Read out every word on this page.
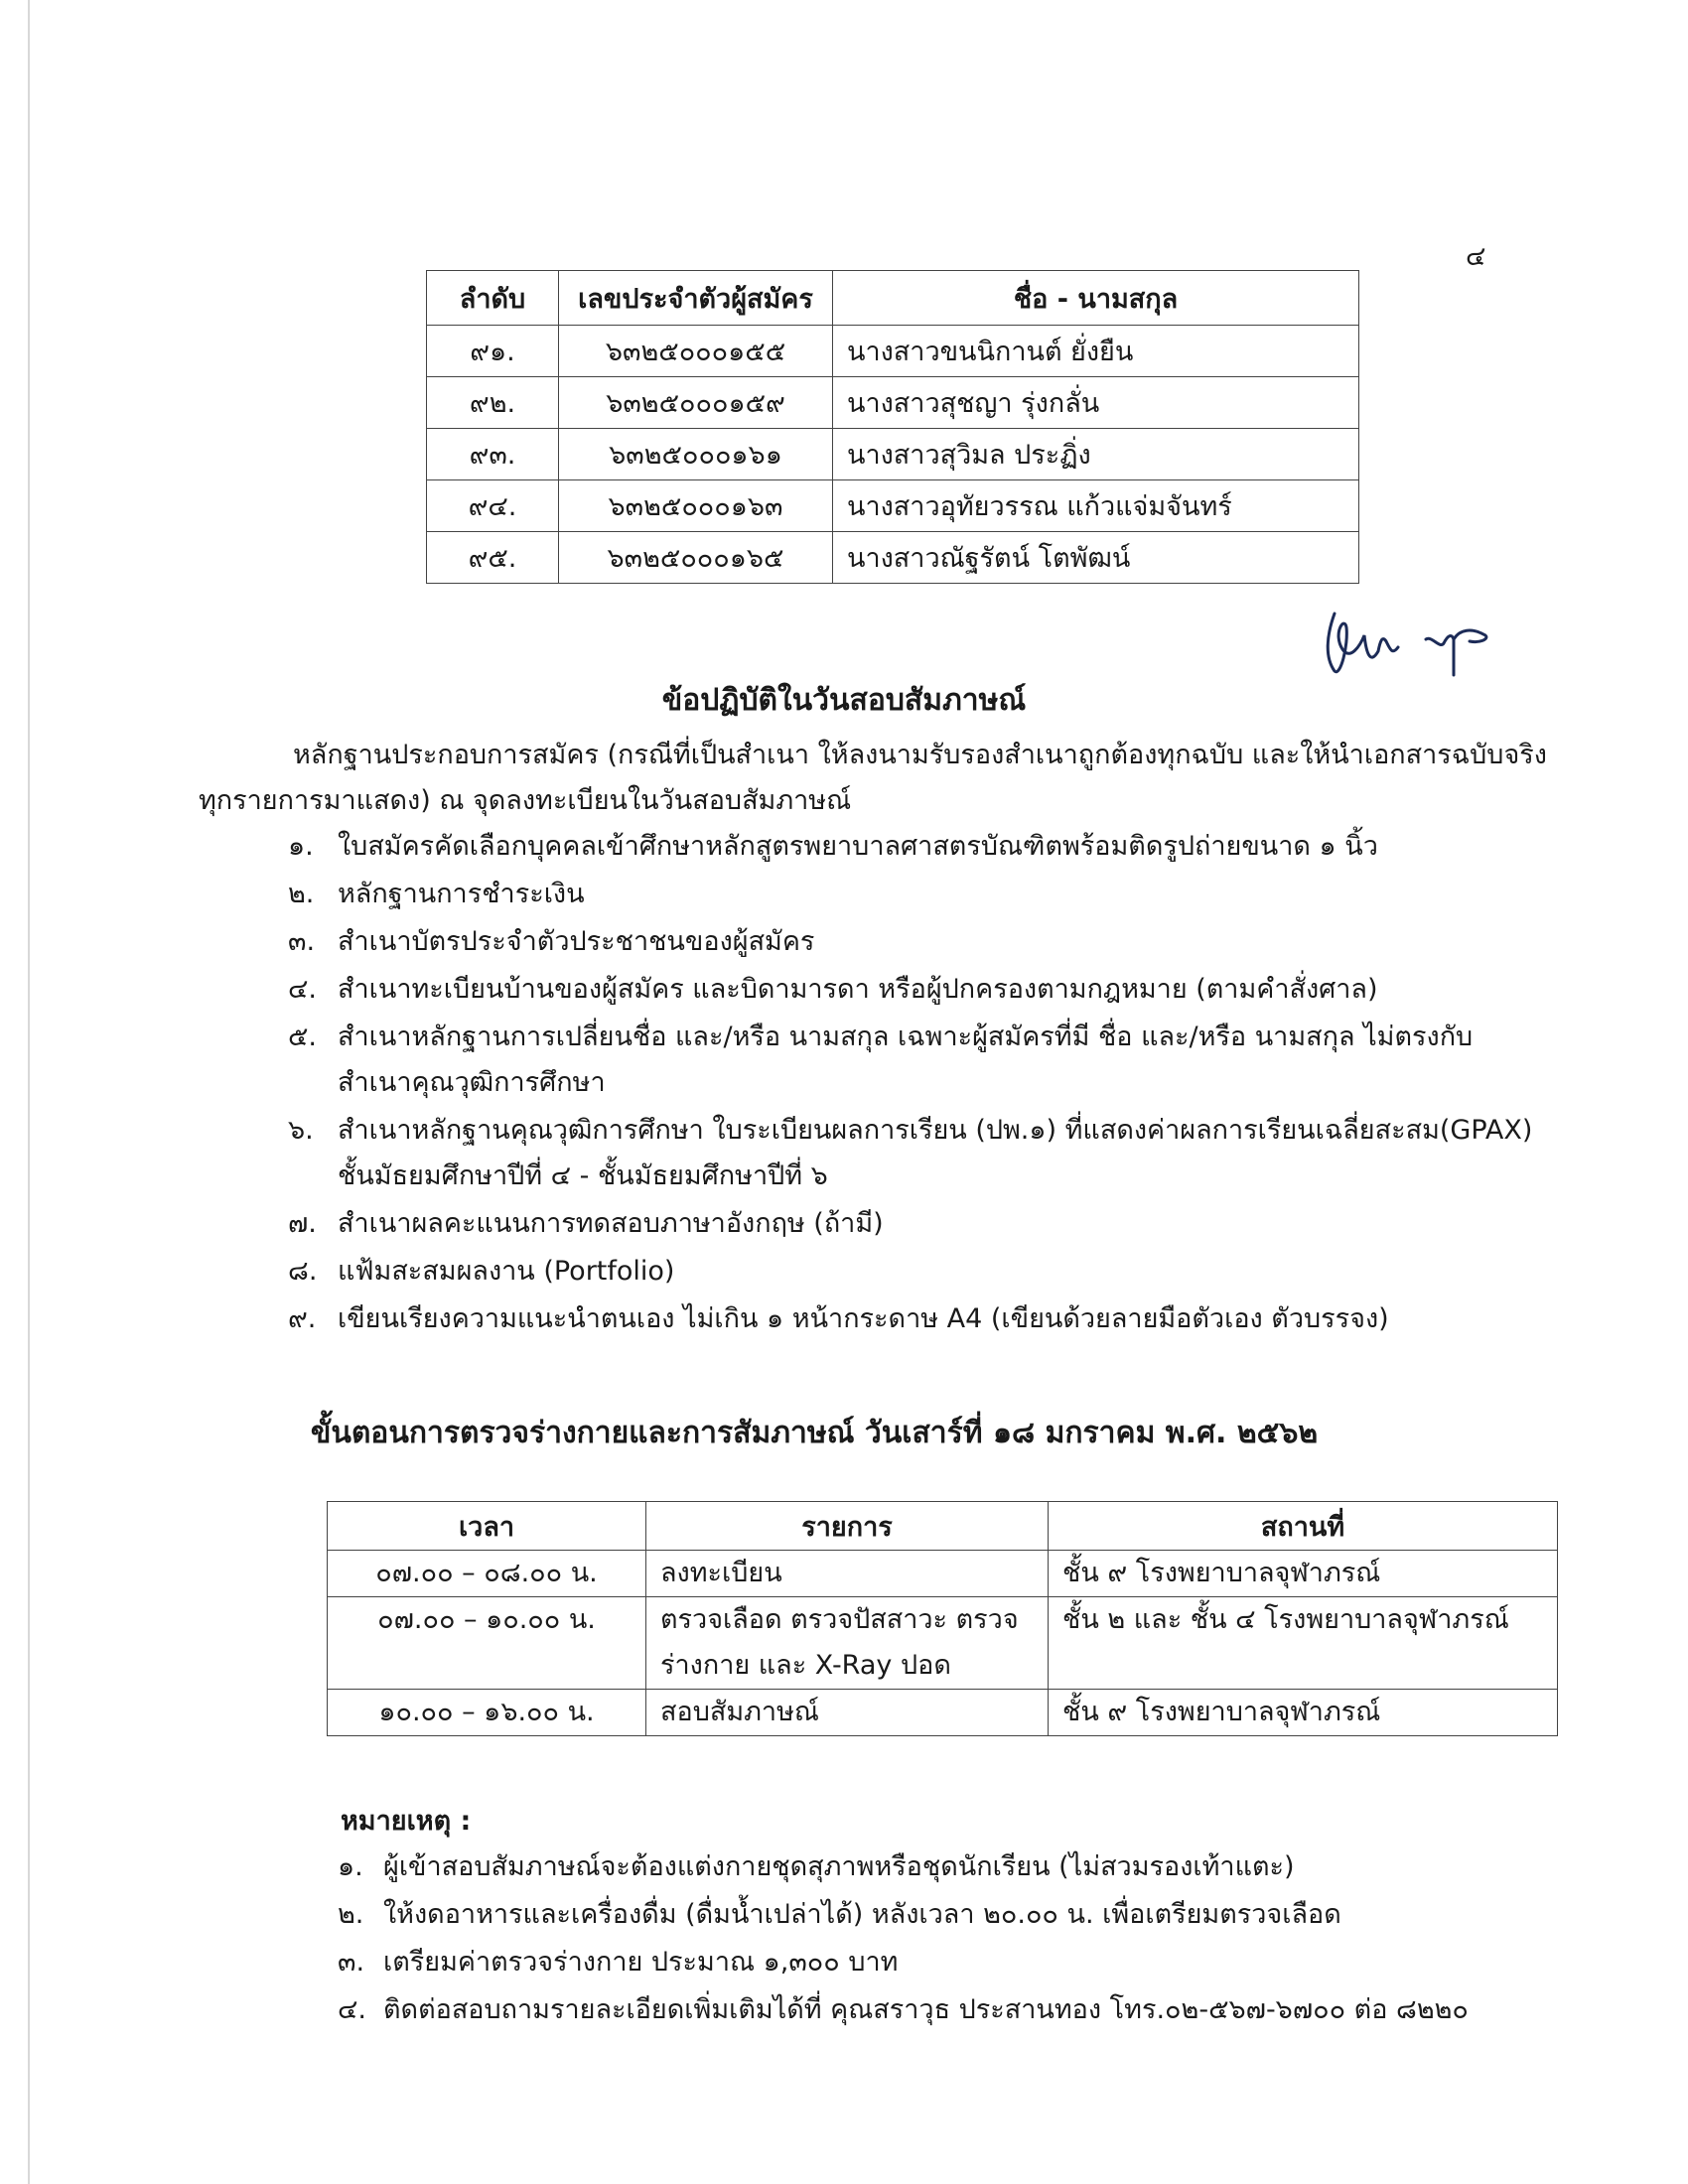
๔
ลำดับ	เลขประจำตัวผู้สมัคร	ชื่อ - นามสกุล
๙๑.	๖๓๒๕๐๐๐๑๕๕	นางสาวขนนิกานต์ ยั่งยืน
๙๒.	๖๓๒๕๐๐๐๑๕๙	นางสาวสุชญา รุ่งกลั่น
๙๓.	๖๓๒๕๐๐๐๑๖๑	นางสาวสุวิมล ประฏิ่ง
๙๔.	๖๓๒๕๐๐๐๑๖๓	นางสาวอุทัยวรรณ แก้วแจ่มจันทร์
๙๕.	๖๓๒๕๐๐๐๑๖๕	นางสาวณัฐรัตน์ โตพัฒน์
ข้อปฏิบัติในวันสอบสัมภาษณ์
หลักฐานประกอบการสมัคร (กรณีที่เป็นสำเนา ให้ลงนามรับรองสำเนาถูกต้องทุกฉบับ และให้นำเอกสารฉบับจริง ทุกรายการมาแสดง) ณ จุดลงทะเบียนในวันสอบสัมภาษณ์
๑. ใบสมัครคัดเลือกบุคคลเข้าศึกษาหลักสูตรพยาบาลศาสตรบัณฑิตพร้อมติดรูปถ่ายขนาด ๑ นิ้ว
๒. หลักฐานการชำระเงิน
๓. สำเนาบัตรประจำตัวประชาชนของผู้สมัคร
๔. สำเนาทะเบียนบ้านของผู้สมัคร และบิดามารดา หรือผู้ปกครองตามกฎหมาย (ตามคำสั่งศาล)
๕. สำเนาหลักฐานการเปลี่ยนชื่อ และ/หรือ นามสกุล เฉพาะผู้สมัครที่มี ชื่อ และ/หรือ นามสกุล ไม่ตรงกับ สำเนาคุณวุฒิการศึกษา
๖. สำเนาหลักฐานคุณวุฒิการศึกษา ใบระเบียนผลการเรียน (ปพ.๑) ที่แสดงค่าผลการเรียนเฉลี่ยสะสม(GPAX) ชั้นมัธยมศึกษาปีที่ ๔ - ชั้นมัธยมศึกษาปีที่ ๖
๗. สำเนาผลคะแนนการทดสอบภาษาอังกฤษ (ถ้ามี)
๘. แฟ้มสะสมผลงาน (Portfolio)
๙. เขียนเรียงความแนะนำตนเอง ไม่เกิน ๑ หน้ากระดาษ A4 (เขียนด้วยลายมือตัวเอง ตัวบรรจง)
ขั้นตอนการตรวจร่างกายและการสัมภาษณ์ วันเสาร์ที่ ๑๘ มกราคม พ.ศ. ๒๕๖๒
เวลา	รายการ	สถานที่
๐๗.๐๐ – ๐๘.๐๐ น.	ลงทะเบียน	ชั้น ๙ โรงพยาบาลจุฬาภรณ์
๐๗.๐๐ – ๑๐.๐๐ น.	ตรวจเลือด ตรวจปัสสาวะ ตรวจร่างกาย และ X-Ray ปอด	ชั้น ๒ และ ชั้น ๔ โรงพยาบาลจุฬาภรณ์
๑๐.๐๐ – ๑๖.๐๐ น.	สอบสัมภาษณ์	ชั้น ๙ โรงพยาบาลจุฬาภรณ์
หมายเหตุ :
๑. ผู้เข้าสอบสัมภาษณ์จะต้องแต่งกายชุดสุภาพหรือชุดนักเรียน (ไม่สวมรองเท้าแตะ)
๒. ให้งดอาหารและเครื่องดื่ม (ดื่มน้ำเปล่าได้) หลังเวลา ๒๐.๐๐ น. เพื่อเตรียมตรวจเลือด
๓. เตรียมค่าตรวจร่างกาย ประมาณ ๑,๓๐๐ บาท
๔. ติดต่อสอบถามรายละเอียดเพิ่มเติมได้ที่ คุณสราวุธ ประสานทอง โทร.๐๒-๕๖๗-๖๗๐๐ ต่อ ๘๒๒๐
